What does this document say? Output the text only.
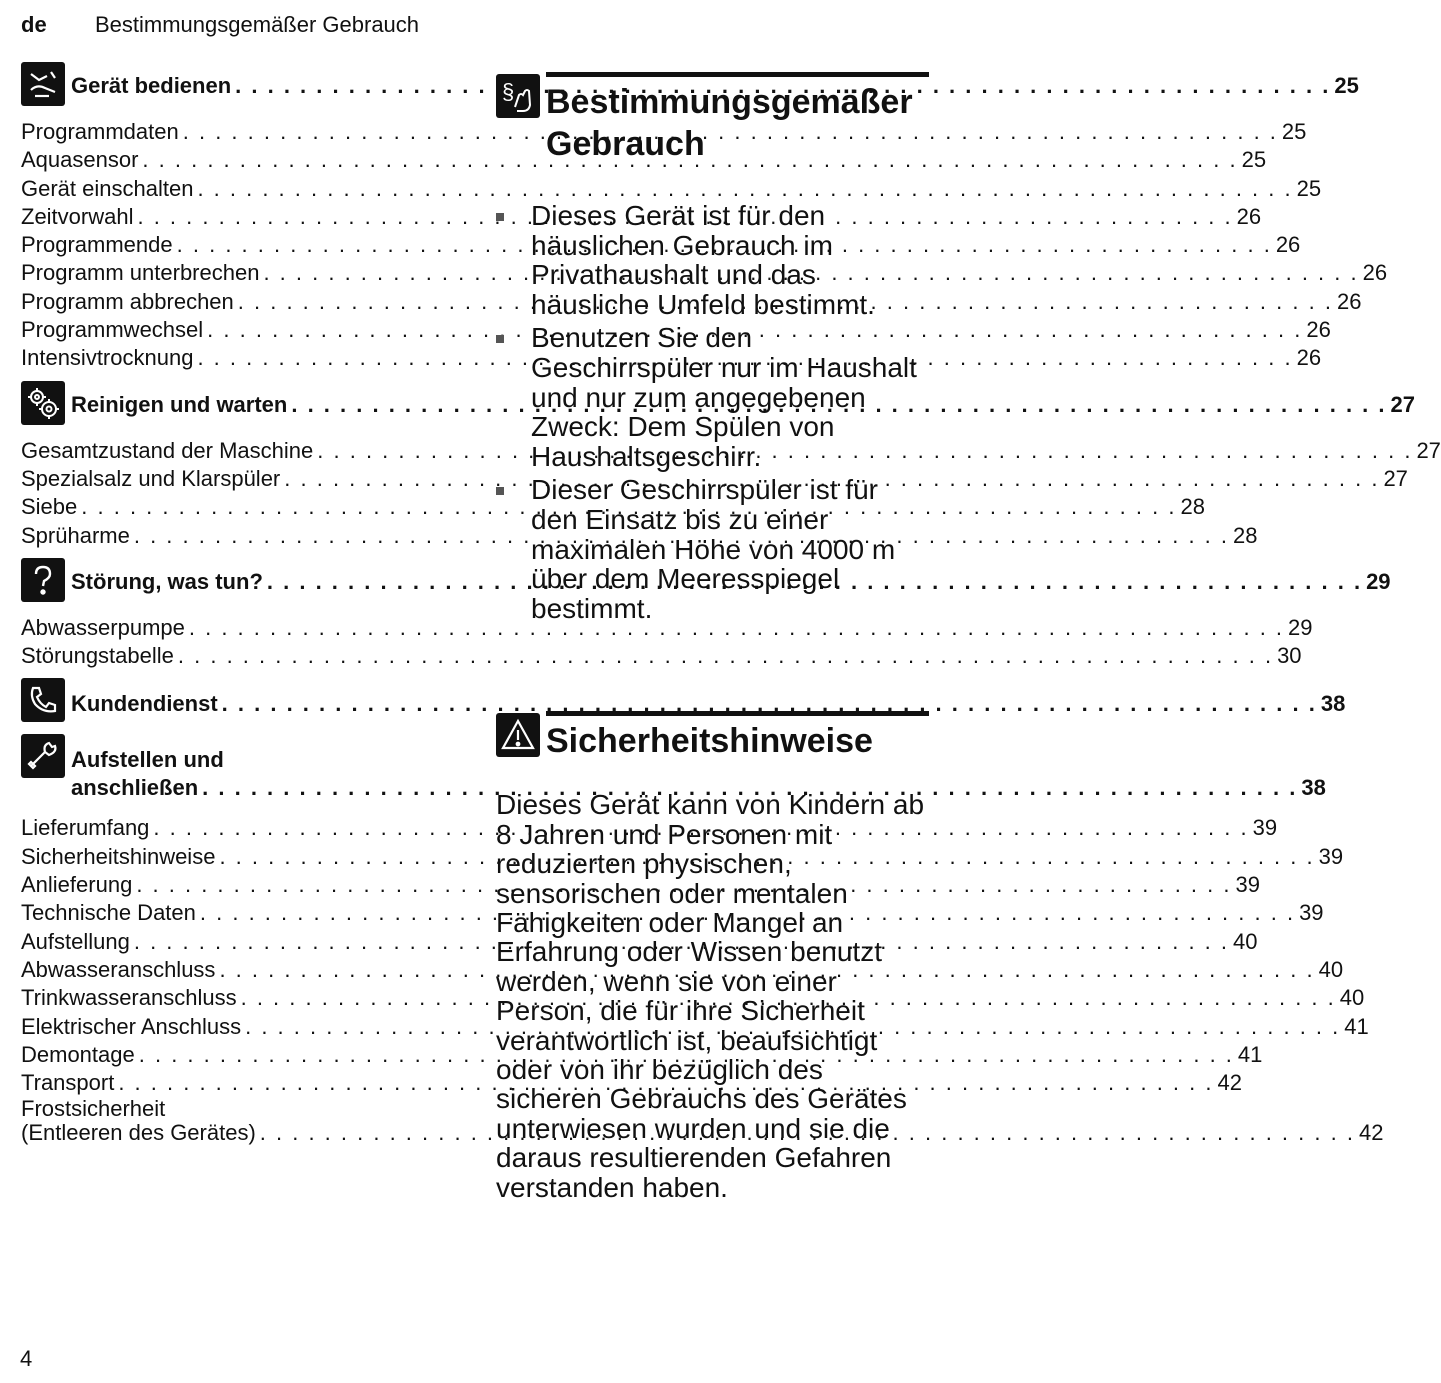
de Bestimmungsgemäßer Gebrauch
Gerät bedienen . . .	25
Programmdaten . . .	25
Aquasensor . . .	25
Gerät einschalten . . .	25
Zeitvorwahl . . .	26
Programmende . . .	26
Programm unterbrechen . . .	26
Programm abbrechen . . .	26
Programmwechsel . . .	26
Intensivtrocknung . . .	26
Reinigen und warten . . .	27
Gesamtzustand der Maschine . . .	27
Spezialsalz und Klarspüler . . .	27
Siebe . . .	28
Sprüharme . . .	28
Störung, was tun? . . .	29
Abwasserpumpe . . .	29
Störungstabelle . . .	30
Kundendienst . . .	38
Aufstellen und
anschließen . . .	38
Lieferumfang . . .	39
Sicherheitshinweise . . .	39
Anlieferung . . .	39
Technische Daten . . .	39
Aufstellung . . .	40
Abwasseranschluss . . .	40
Trinkwasseranschluss . . .	40
Elektrischer Anschluss . . .	41
Demontage . . .	41
Transport . . .	42
Frostsicherheit
(Entleeren des Gerätes) . . .	42
§ Bestimmungsgemäßer Gebrauch
Dieses Gerät ist für den häuslichen Gebrauch im Privathaushalt und das häusliche Umfeld bestimmt.
Benutzen Sie den Geschirrspüler nur im Haushalt und nur zum angegebenen Zweck: Dem Spülen von Haushaltsgeschirr.
Dieser Geschirrspüler ist für den Einsatz bis zu einer maximalen Höhe von 4000 m über dem Meeresspiegel bestimmt.
Sicherheitshinweise
Dieses Gerät kann von Kindern ab 8 Jahren und Personen mit reduzierten physischen, sensorischen oder mentalen Fähigkeiten oder Mangel an Erfahrung oder Wissen benutzt werden, wenn sie von einer Person, die für ihre Sicherheit verantwortlich ist, beaufsichtigt oder von ihr bezüglich des sicheren Gebrauchs des Gerätes unterwiesen wurden und sie die daraus resultierenden Gefahren verstanden haben.
4
